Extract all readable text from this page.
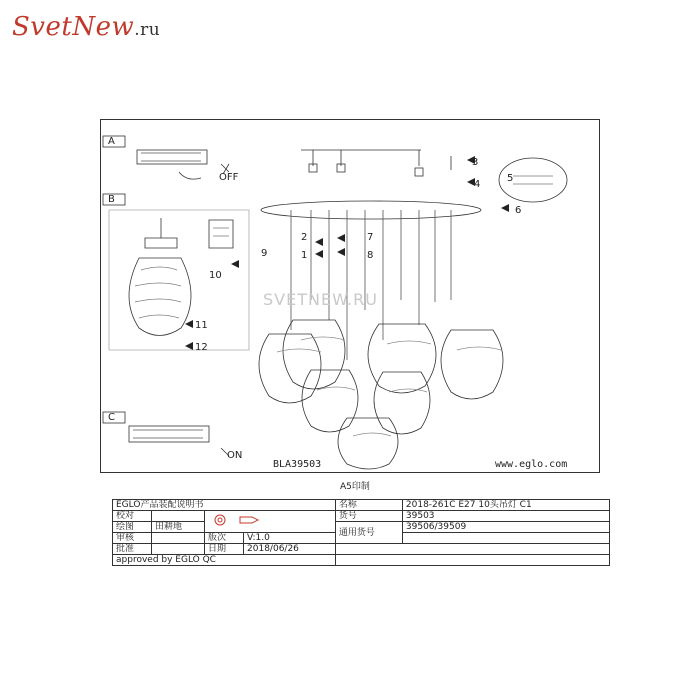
SvetNew.ru
A
B
C
OFF
ON
1
2
3
4
5
6
7
8
9
10
11
12
BLA39503	www.eglo.com
SVETNEW.RU
A5印制
EGLO产品装配说明书				名称	2018-261C E27 10头吊灯 C1
校对				货号	39503
绘图	田耕地			通用货号	39506/39509
审核		版次	V:1.0		
批准		日期	2018/06/26		
approved by EGLO QC					
